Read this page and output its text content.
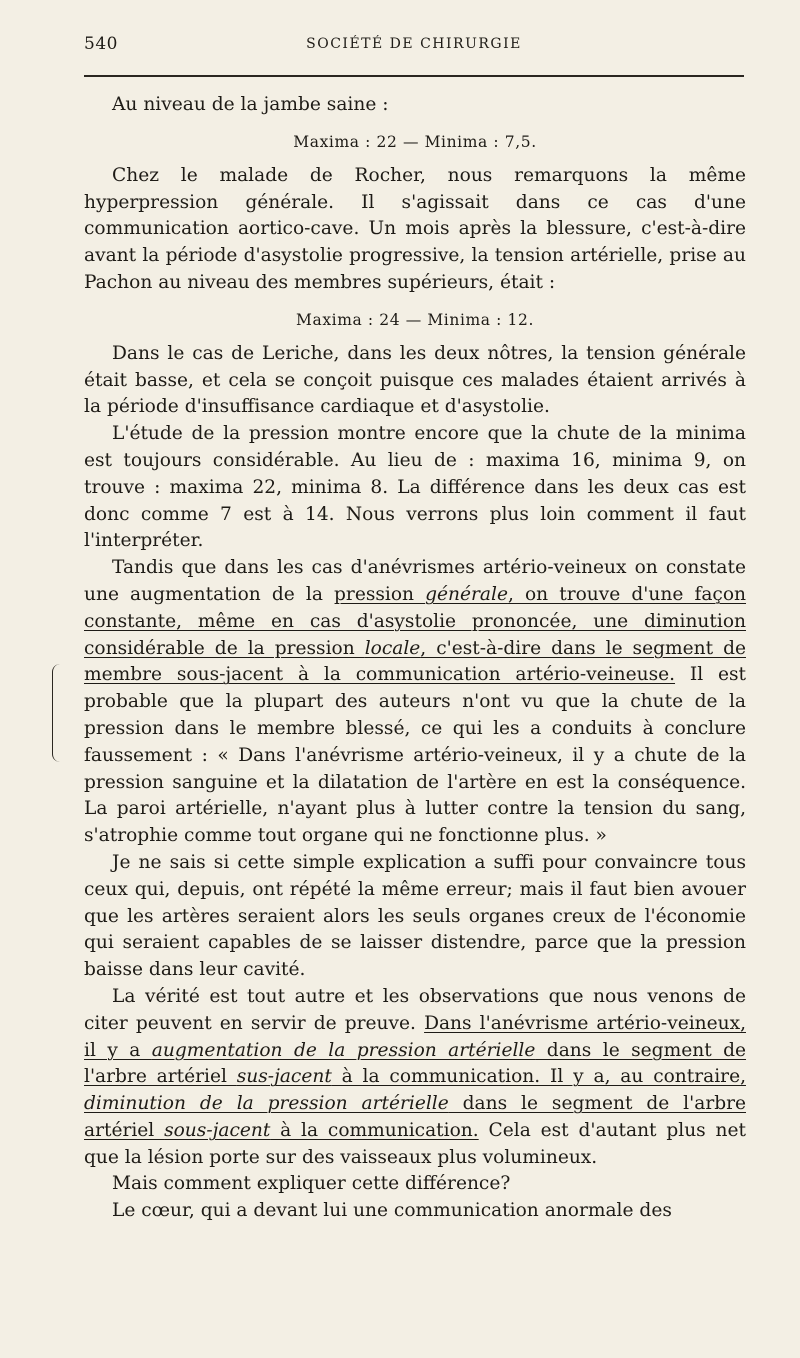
540	SOCIÉTÉ DE CHIRURGIE

Au niveau de la jambe saine :

Maxima : 22 — Minima : 7,5.

Chez le malade de Rocher, nous remarquons la même hyperpression générale. Il s'agissait dans ce cas d'une communication aortico-cave. Un mois après la blessure, c'est-à-dire avant la période d'asystolie progressive, la tension artérielle, prise au Pachon au niveau des membres supérieurs, était :

Maxima : 24 — Minima : 12.

Dans le cas de Leriche, dans les deux nôtres, la tension générale était basse, et cela se conçoit puisque ces malades étaient arrivés à la période d'insuffisance cardiaque et d'asystolie.

L'étude de la pression montre encore que la chute de la minima est toujours considérable. Au lieu de : maxima 16, minima 9, on trouve : maxima 22, minima 8. La différence dans les deux cas est donc comme 7 est à 14. Nous verrons plus loin comment il faut l'interpréter.

Tandis que dans les cas d'anévrismes artério-veineux on constate une augmentation de la pression générale, on trouve d'une façon constante, même en cas d'asystolie prononcée, une diminution considérable de la pression locale, c'est-à-dire dans le segment de membre sous-jacent à la communication artério-veineuse. Il est probable que la plupart des auteurs n'ont vu que la chute de la pression dans le membre blessé, ce qui les a conduits à conclure faussement : « Dans l'anévrisme artério-veineux, il y a chute de la pression sanguine et la dilatation de l'artère en est la conséquence. La paroi artérielle, n'ayant plus à lutter contre la tension du sang, s'atrophie comme tout organe qui ne fonctionne plus. »

Je ne sais si cette simple explication a suffi pour convaincre tous ceux qui, depuis, ont répété la même erreur; mais il faut bien avouer que les artères seraient alors les seuls organes creux de l'économie qui seraient capables de se laisser distendre, parce que la pression baisse dans leur cavité.

La vérité est tout autre et les observations que nous venons de citer peuvent en servir de preuve. Dans l'anévrisme artério-veineux, il y a augmentation de la pression artérielle dans le segment de l'arbre artériel sus-jacent à la communication. Il y a, au contraire, diminution de la pression artérielle dans le segment de l'arbre artériel sous-jacent à la communication. Cela est d'autant plus net que la lésion porte sur des vaisseaux plus volumineux.

Mais comment expliquer cette différence?

Le cœur, qui a devant lui une communication anormale des
